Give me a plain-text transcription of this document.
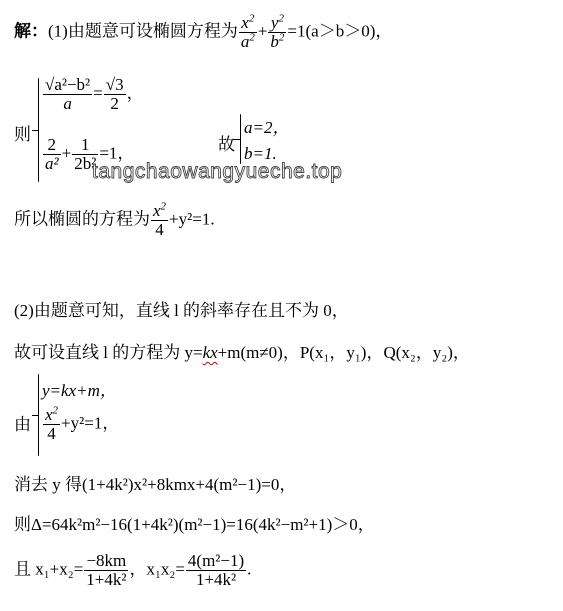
解：(1)由题意可设椭圆方程为 $\frac{x^2}{a^2} + \frac{y^2}{b^2} =1(a>b>0)$，
则
$\frac{\text{√a²−b²}}{a} = \frac{√3}{2}$ ，
$\frac{2}{\text{a²}} + \frac{1}{\text{2b²}} =1$，	故
a=2，
b=1.
tangchaowangyueche.top
所以椭圆的方程为 $\frac{x^2}{4} +y^2=1$.
(2)由题意可知，直线 l 的斜率存在且不为 0，
故可设直线 l 的方程为 y=kx+m(m≠0)，P(x₁，y₁)，Q(x₂，y₂)，
由
y=kx+m，
$\frac{x^2}{4} +y^2=1$，
消去 y 得(1+4k²)x²+8kmx+4(m²−1)=0，
则Δ=64k²m²−16(1+4k²)(m²−1)=16(4k²−m²+1)＞0，
且 $x_1+x_2= \frac{-8km}{\text{1+4k²}}$ ，$x_1x_2= \frac{\text{4(m²−1)}}{\text{1+4k²}}$ .
